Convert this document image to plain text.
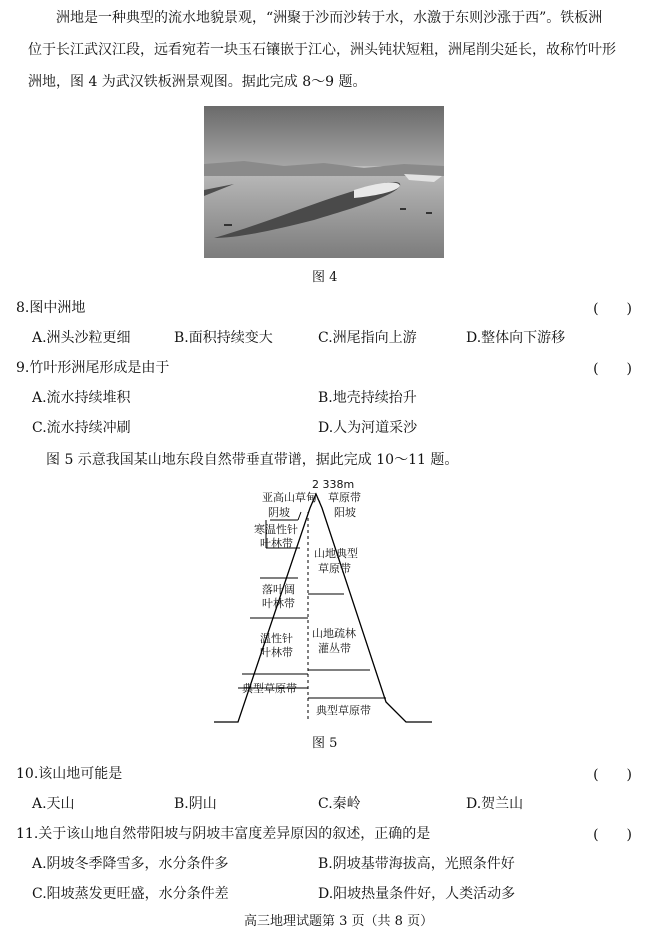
洲地是一种典型的流水地貌景观，“洲聚于沙而沙转于水，水激于东则沙涨于西”。铁板洲
位于长江武汉江段，远看宛若一块玉石镶嵌于江心，洲头钝状短粗，洲尾削尖延长，故称竹叶形
洲地，图 4 为武汉铁板洲景观图。据此完成 8～9 题。
图 4
8.图中洲地	(　　)
A.洲头沙粒更细	B.面积持续变大	C.洲尾指向上游	D.整体向下游移
9.竹叶形洲尾形成是由于	(　　)
A.流水持续堆积	B.地壳持续抬升
C.流水持续冲刷	D.人为河道采沙
图 5 示意我国某山地东段自然带垂直带谱，据此完成 10～11 题。
2 338m
亚高山草甸、草原带
阴坡	阳坡
寒温性针
叶林带
落叶阔
叶林带
温性针
叶林带
典型草原带
山地典型
草原带
山地疏林
灌丛带
典型草原带
图 5
10.该山地可能是	(　　)
A.天山	B.阴山	C.秦岭	D.贺兰山
11.关于该山地自然带阳坡与阴坡丰富度差异原因的叙述，正确的是	(　　)
A.阴坡冬季降雪多，水分条件多	B.阴坡基带海拔高，光照条件好
C.阳坡蒸发更旺盛，水分条件差	D.阳坡热量条件好，人类活动多
高三地理试题第 3 页（共 8 页）
